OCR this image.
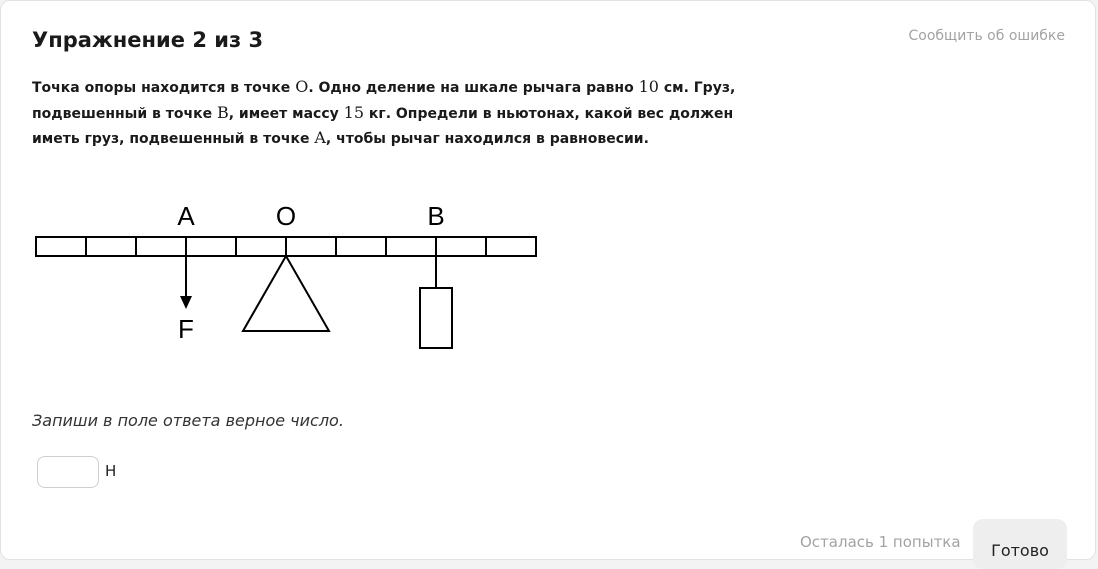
Упражнение 2 из 3	Сообщить об ошибке

Точка опоры находится в точке O. Одно деление на шкале рычага равно 10 см. Груз, подвешенный в точке B, имеет массу 15 кг. Определи в ньютонах, какой вес должен иметь груз, подвешенный в точке A, чтобы рычаг находился в равновесии.

A	O	B
F

Запиши в поле ответа верное число.

Н
Осталась 1 попытка	Готово
